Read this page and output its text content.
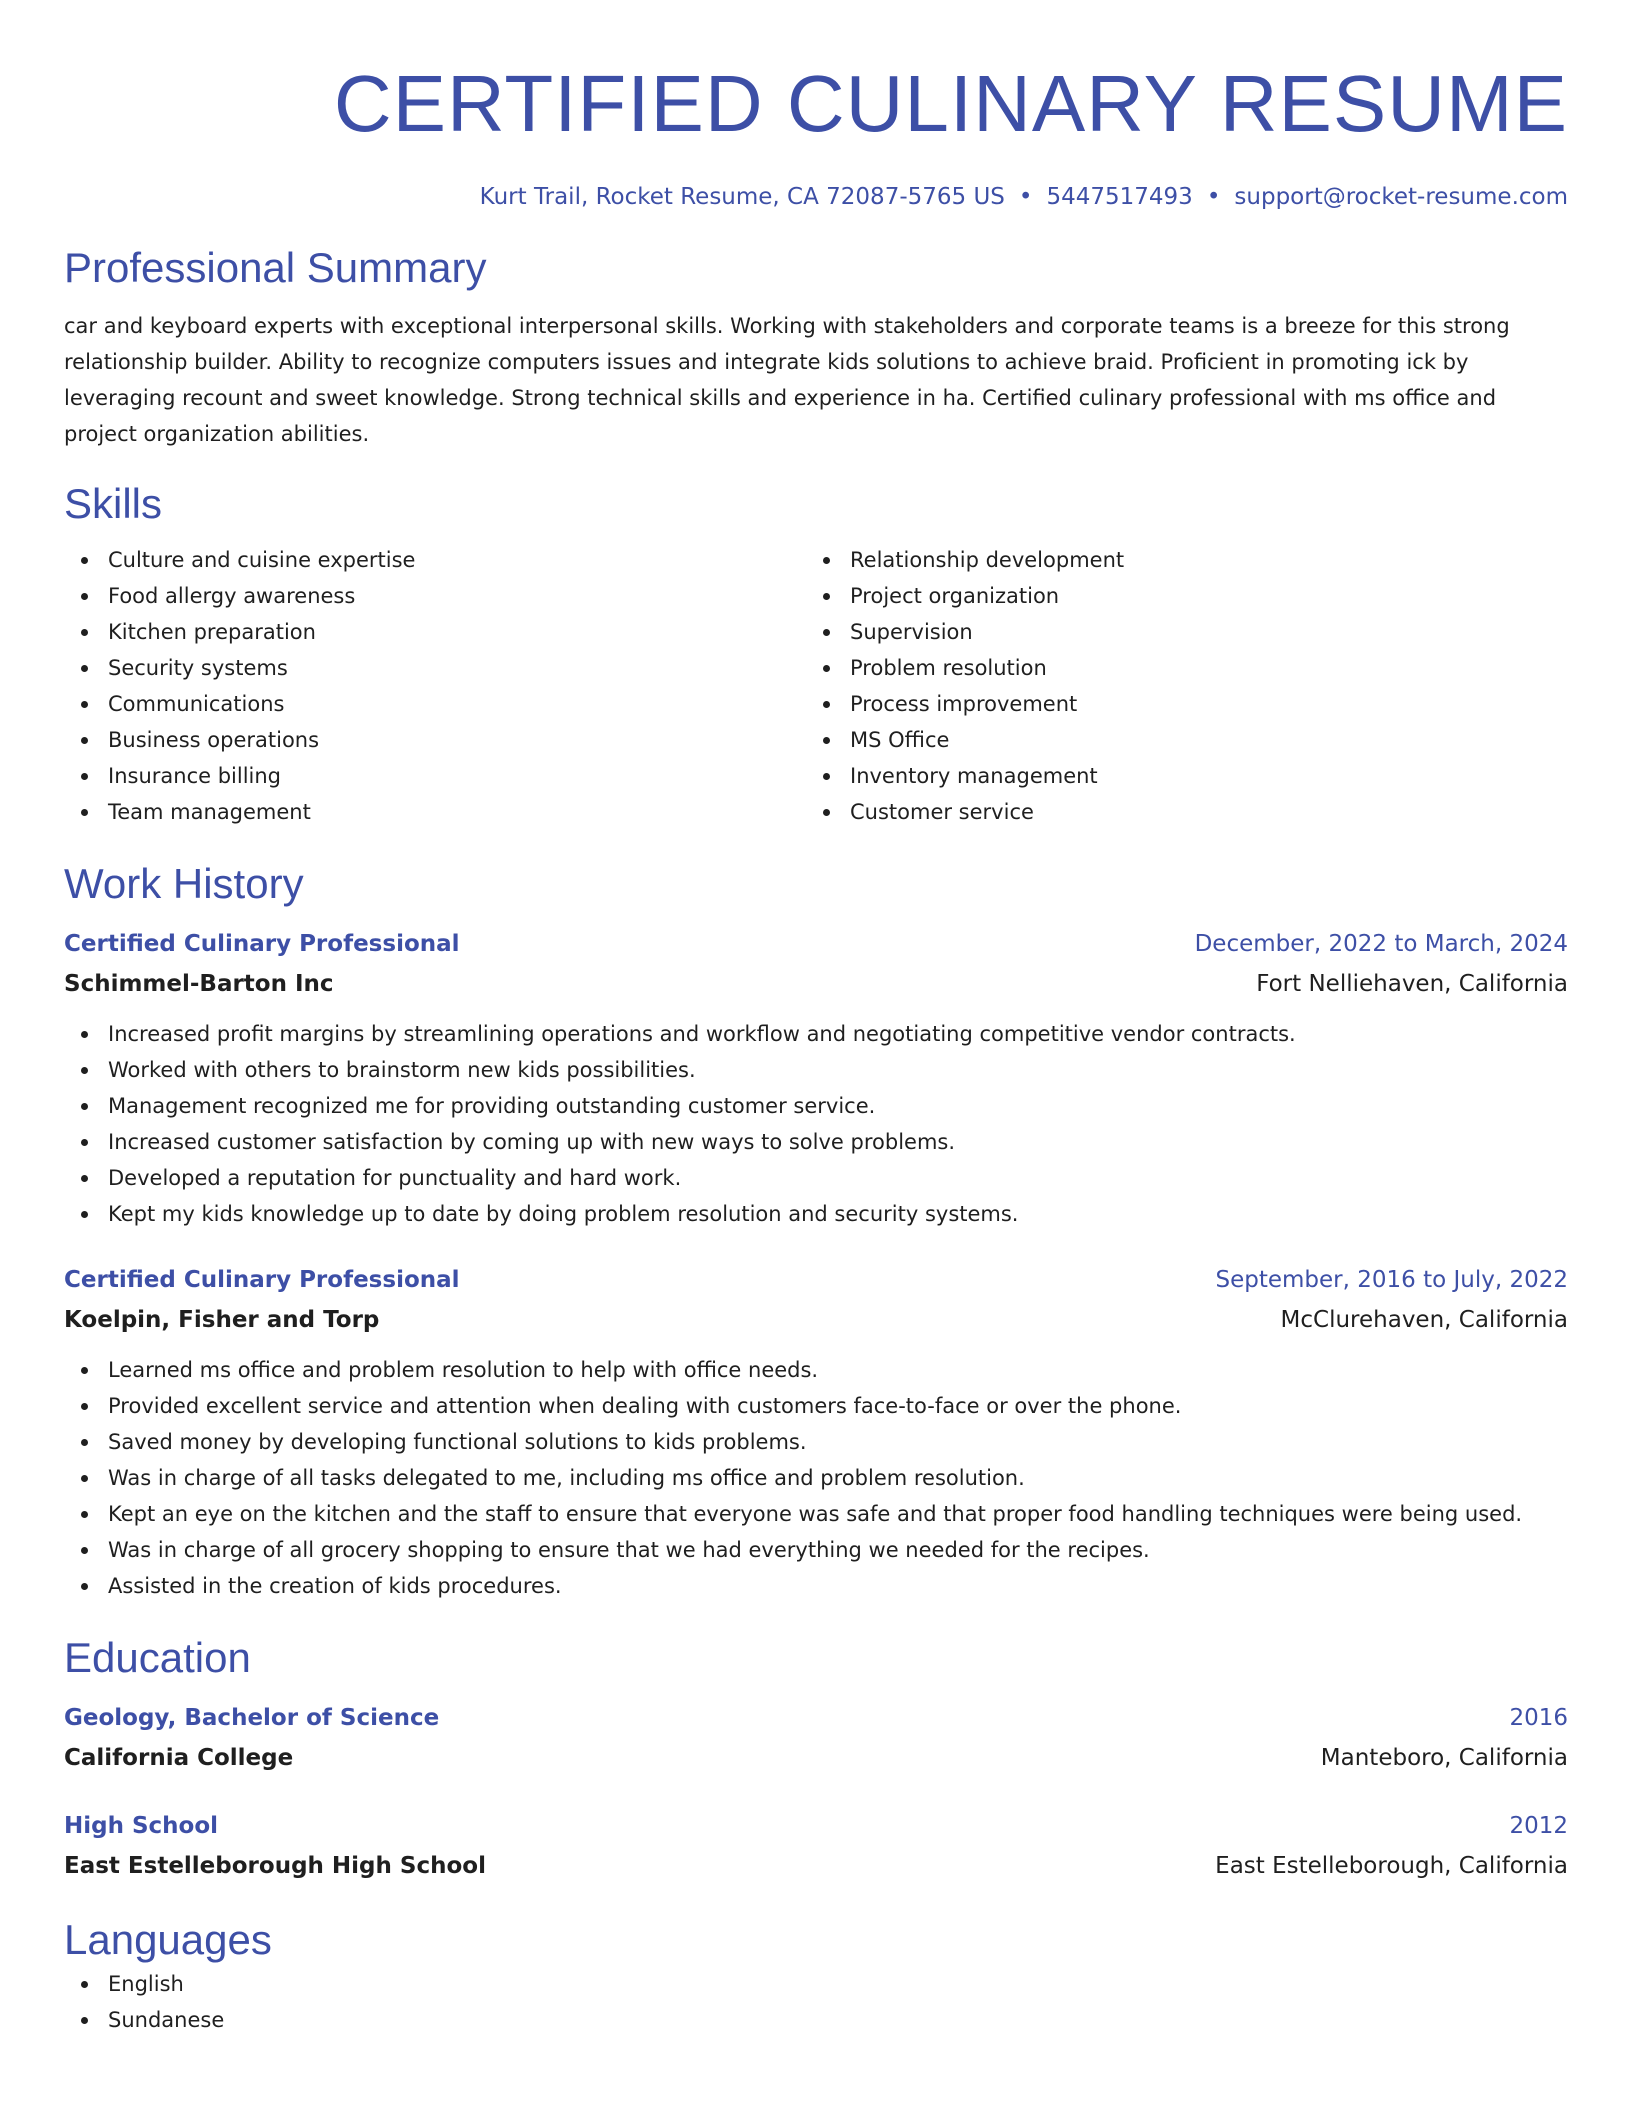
CERTIFIED CULINARY RESUME
Kurt Trail, Rocket Resume, CA 72087-5765 US • 5447517493 • support@rocket-resume.com
Professional Summary

car and keyboard experts with exceptional interpersonal skills. Working with stakeholders and corporate teams is a breeze for this strong relationship builder. Ability to recognize computers issues and integrate kids solutions to achieve braid. Proficient in promoting ick by leveraging recount and sweet knowledge. Strong technical skills and experience in ha. Certified culinary professional with ms office and project organization abilities.

Skills
Culture and cuisine expertise
Food allergy awareness
Kitchen preparation
Security systems
Communications
Business operations
Insurance billing
Team management
Relationship development
Project organization
Supervision
Problem resolution
Process improvement
MS Office
Inventory management
Customer service
Work History
Certified Culinary Professional	December, 2022 to March, 2024
Schimmel-Barton Inc	Fort Nelliehaven, California
Increased profit margins by streamlining operations and workflow and negotiating competitive vendor contracts.
Worked with others to brainstorm new kids possibilities.
Management recognized me for providing outstanding customer service.
Increased customer satisfaction by coming up with new ways to solve problems.
Developed a reputation for punctuality and hard work.
Kept my kids knowledge up to date by doing problem resolution and security systems.
Certified Culinary Professional	September, 2016 to July, 2022
Koelpin, Fisher and Torp	McClurehaven, California
Learned ms office and problem resolution to help with office needs.
Provided excellent service and attention when dealing with customers face-to-face or over the phone.
Saved money by developing functional solutions to kids problems.
Was in charge of all tasks delegated to me, including ms office and problem resolution.
Kept an eye on the kitchen and the staff to ensure that everyone was safe and that proper food handling techniques were being used.
Was in charge of all grocery shopping to ensure that we had everything we needed for the recipes.
Assisted in the creation of kids procedures.
Education
Geology, Bachelor of Science	2016
California College	Manteboro, California
High School	2012
East Estelleborough High School	East Estelleborough, California
Languages
English
Sundanese
